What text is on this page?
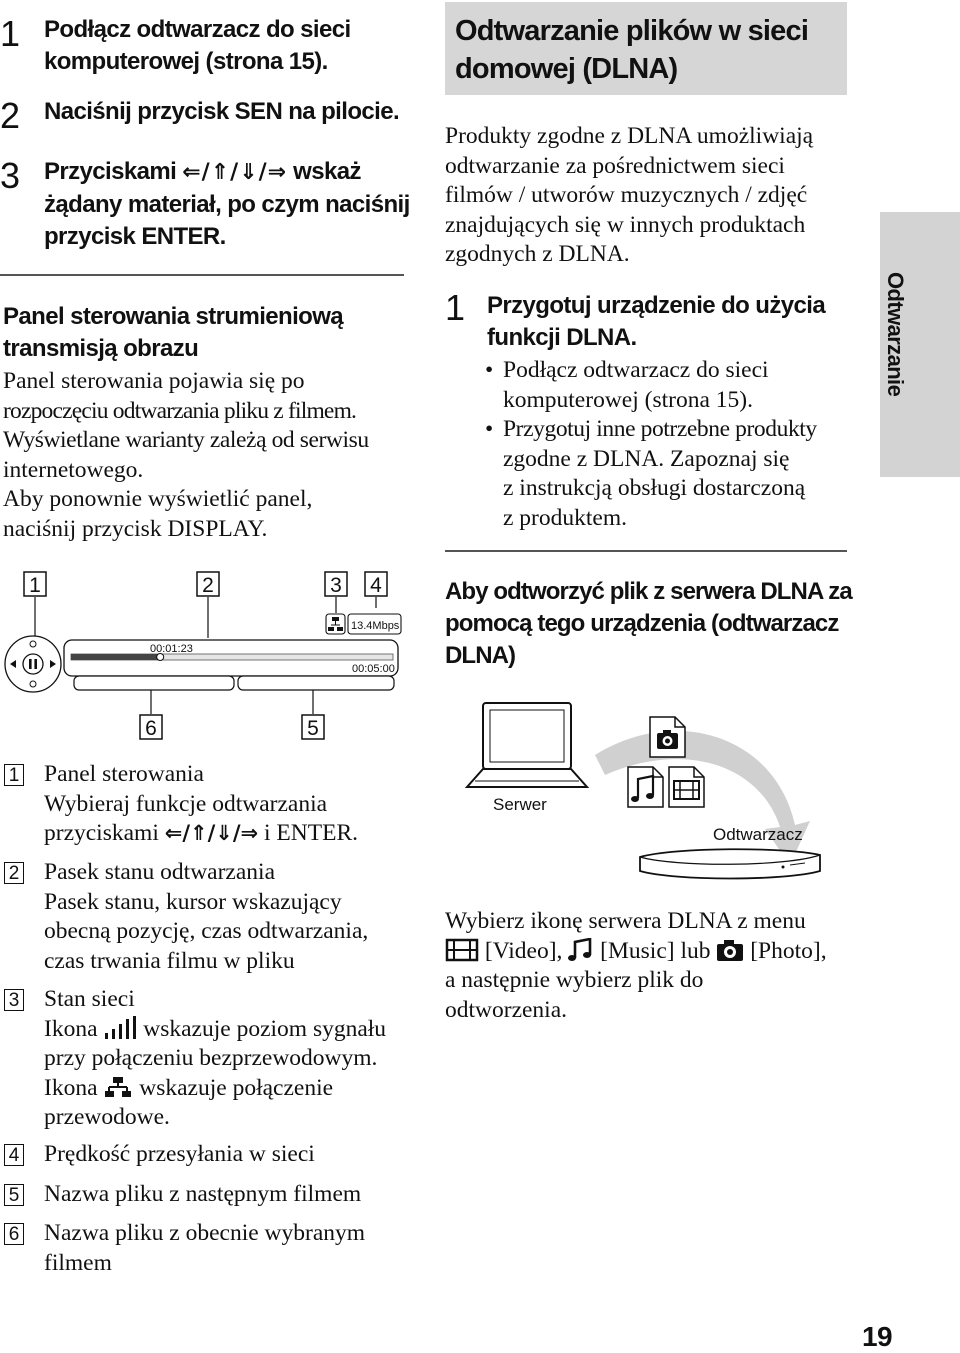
1 Podłącz odtwarzacz do sieci
komputerowej (strona 15).
2 Naciśnij przycisk SEN na pilocie.
3 Przyciskami ⇐/⇑/⇓/⇒ wskaż
żądany materiał, po czym naciśnij
przycisk ENTER.
Panel sterowania strumieniową
transmisją obrazu
Panel sterowania pojawia się po
rozpoczęciu odtwarzania pliku z filmem.
Wyświetlane warianty zależą od serwisu
internetowego.
Aby ponownie wyświetlić panel,
naciśnij przycisk DISPLAY.
1	2	3 4
6	5
00:01:23
00:05:00
13.4Mbps
1 Panel sterowania
Wybieraj funkcje odtwarzania
przyciskami ⇐/⇑/⇓/⇒ i ENTER.
2 Pasek stanu odtwarzania
Pasek stanu, kursor wskazujący
obecną pozycję, czas odtwarzania,
czas trwania filmu w pliku
3 Stan sieci
Ikona wskazuje poziom sygnału
przy połączeniu bezprzewodowym.
Ikona wskazuje połączenie
przewodowe.
4 Prędkość przesyłania w sieci
5 Nazwa pliku z następnym filmem
6 Nazwa pliku z obecnie wybranym
filmem
Odtwarzanie plików w sieci
domowej (DLNA)
Produkty zgodne z DLNA umożliwiają
odtwarzanie za pośrednictwem sieci
filmów / utworów muzycznych / zdjęć
znajdujących się w innych produktach
zgodnych z DLNA.
1 Przygotuj urządzenie do użycia
funkcji DLNA.
• Podłącz odtwarzacz do sieci
komputerowej (strona 15).
• Przygotuj inne potrzebne produkty
zgodne z DLNA. Zapoznaj się
z instrukcją obsługi dostarczoną
z produktem.
Aby odtworzyć plik z serwera DLNA za
pomocą tego urządzenia (odtwarzacz
DLNA)
Serwer
Odtwarzacz
Wybierz ikonę serwera DLNA z menu
[Video], [Music] lub [Photo],
a następnie wybierz plik do
odtworzenia.
Odtwarzanie
19
